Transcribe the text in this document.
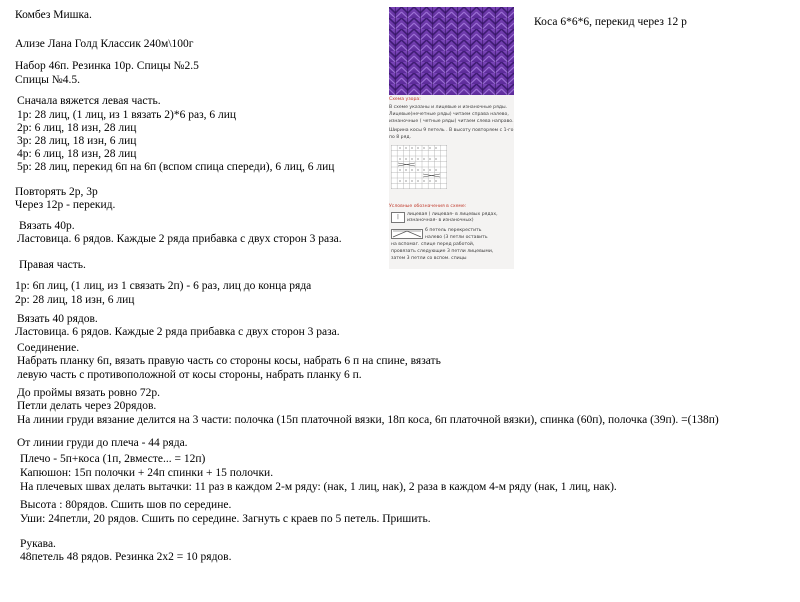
Комбез Мишка.
Ализе Лана Голд Классик 240м\100г
Набор 46п. Резинка 10р. Спицы №2.5
Спицы №4.5.
Сначала вяжется левая часть.
1р: 28 лиц, (1 лиц, из 1 вязать 2)*6 раз, 6 лиц
2р: 6 лиц, 18 изн, 28 лиц
3р: 28 лиц, 18 изн, 6 лиц
4р: 6 лиц, 18 изн, 28 лиц
5р: 28 лиц, перекид 6п на 6п (вспом спица спереди), 6 лиц, 6 лиц
Повторять 2р, 3р
Через 12р - перекид.
Вязать 40р.
Ластовица. 6 рядов. Каждые 2 ряда прибавка с двух сторон 3 раза.
Правая часть.
1р: 6п лиц, (1 лиц, из 1 связать 2п) - 6 раз, лиц до конца ряда
2р: 28 лиц, 18 изн, 6 лиц
Вязать 40 рядов.
Ластовица. 6 рядов. Каждые 2 ряда прибавка с двух сторон 3 раза.
Соединение.
Набрать планку 6п, вязать правую часть со стороны косы, набрать 6 п на спине, вязать
левую часть с противоположной от косы стороны, набрать планку 6 п.
До проймы вязать ровно 72р.
Петли делать через 20рядов.
На линии груди вязание делится на 3 части: полочка (15п платочной вязки, 18п коса, 6п платочной вязки), спинка (60п), полочка (39п). =(138п)
От линии груди до плеча - 44 ряда.
Плечо - 5п+коса (1п, 2вместе... = 12п)
Капюшон: 15п полочки + 24п спинки + 15 полочки.
На плечевых швах делать вытачки: 11 раз в каждом 2-м ряду: (нак, 1 лиц, нак), 2 раза в каждом 4-м ряду (нак, 1 лиц, нак).
Высота : 80рядов. Сшить шов по середине.
Уши: 24петли, 20 рядов. Сшить по середине. Загнуть с краев по 5 петель. Пришить.
Рукава.
48петель 48 рядов. Резинка 2х2 = 10 рядов.
Коса 6*6*6, перекид через 12 р
Схема узора:
В схеме указаны и лицевые и изнаночные ряды.
Лицевые(нечетные ряды) читаем справа налево,
изнаночные ( четные ряды) читаем слева направо.
Ширина косы 9 петель . В высоту повторяем с 1-го
по 8 ряд.
Условные обозначения в схеме:
|	лицевая ( лицевая- в лицевых рядах,
изнаночная- в изнаночных)
6 петель перекрестить
налево (3 петли оставить
на вспомаг. спице перед работой,
провязать следующие 3 петли лицевыми,
затем 3 петли со вспом. спицы
